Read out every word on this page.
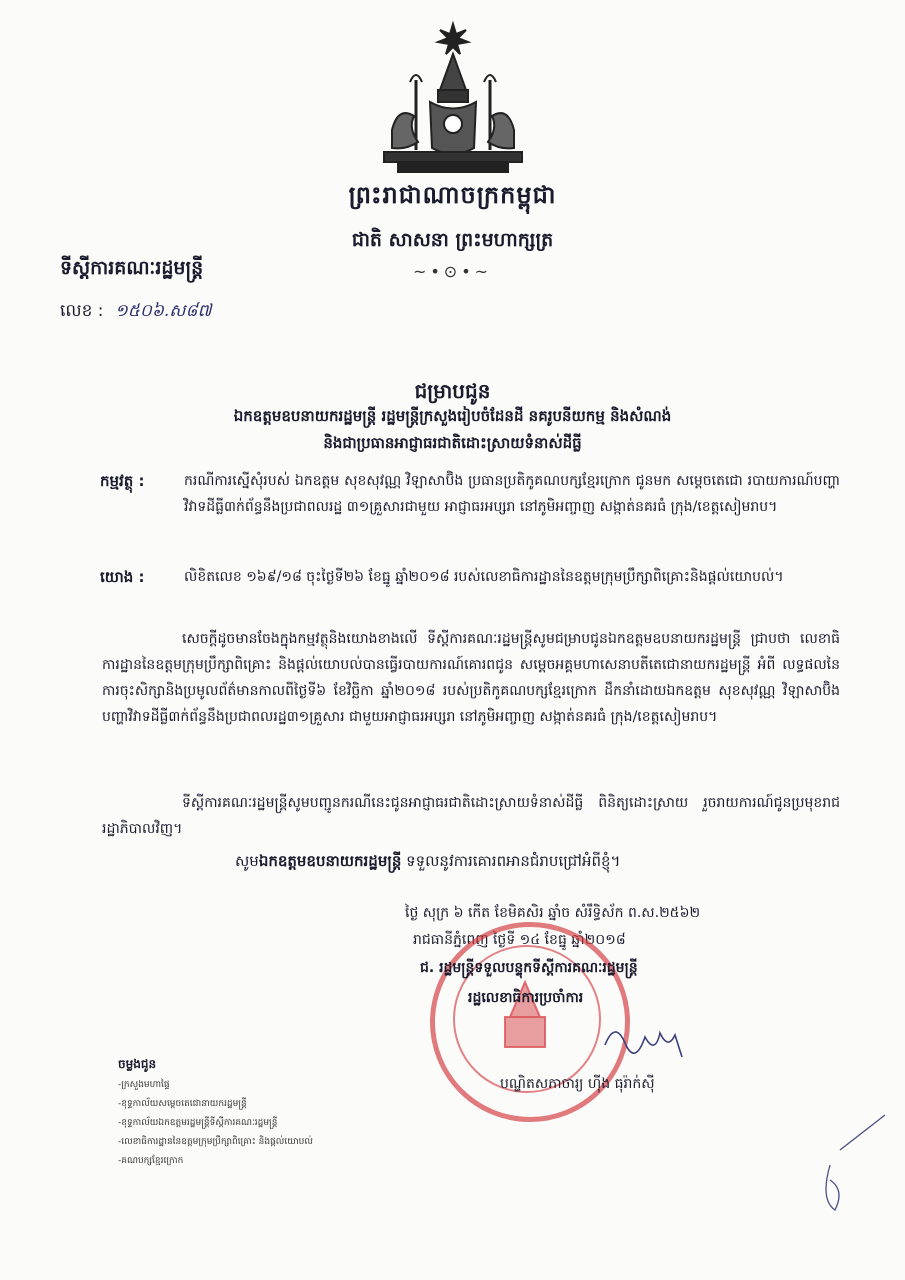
ព្រះរាជាណាចក្រកម្ពុជា
ជាតិ សាសនា ព្រះមហាក្សត្រ
~•⊙•~
ទីស្តីការគណៈរដ្ឋមន្ត្រី
លេខ : ១៥០៦.ស៨៧
ជម្រាបជូន
ឯកឧត្តមឧបនាយករដ្ឋមន្ត្រី រដ្ឋមន្ត្រីក្រសួងរៀបចំដែនដី នគរូបនីយកម្ម និងសំណង់
និងជាប្រធានអាជ្ញាធរជាតិដោះស្រាយទំនាស់ដីធ្លី
កម្មវត្ថុ :	ករណីការស្នើសុំរបស់ ឯកឧត្តម សុខសុវណ្ណ វិឡាសាប៊ិង ប្រធានប្រតិកូគណបក្សខ្មែរក្រោក ជូនមក សម្តេចតេជោ របាយការណ៍បញ្ហាវិវាទដីធ្លី៣ក់ព័ន្ធនឹងប្រជាពលរដ្ឋ ៣១គ្រួសារជាមួយ អាជ្ញាធរអប្សរា នៅភូមិអញ្ចាញ សង្កាត់នគរធំ ក្រុង/ខេត្តសៀមរាប។
យោង :	លិខិតលេខ ១៦៩/១៨ ចុះថ្ងៃទី២៦ ខែធ្នូ ឆ្នាំ២០១៨ របស់លេខាធិការដ្ឋាននៃឧត្តមក្រុមប្រឹក្សាពិគ្រោះនិងផ្តល់យោបល់។
សេចក្តីដូចមានចែងក្នុងកម្មវត្ថុនិងយោងខាងលើ ទីស្តីការគណៈរដ្ឋមន្ត្រីសូមជម្រាបជូនឯកឧត្តមឧបនាយករដ្ឋមន្ត្រី ជ្រាបថា លេខាធិការដ្ឋាននៃឧត្តមក្រុមប្រឹក្សាពិគ្រោះ និងផ្តល់យោបល់បានធ្វើរបាយការណ៍គោរពជូន សម្តេចអគ្គមហាសេនាបតីតេជោនាយករដ្ឋមន្ត្រី អំពី លទ្ធផលនៃការចុះសិក្សានិងប្រមូលព័ត៌មានកាលពីថ្ងៃទី៦ ខែវិច្ឆិកា ឆ្នាំ២០១៨ របស់ប្រតិកូគណបក្សខ្មែរក្រោក ដឹកនាំដោយឯកឧត្តម សុខសុវណ្ណ វិឡាសាប៊ិង បញ្ហាវិវាទដីធ្លី៣ក់ព័ន្ធនឹងប្រជាពលរដ្ឋ៣១គ្រួសារ ជាមួយអាជ្ញាធរអប្សរា នៅភូមិអញ្ចាញ សង្កាត់នគរធំ ក្រុង/ខេត្តសៀមរាប។
ទីស្តីការគណៈរដ្ឋមន្ត្រីសូមបញ្ជូនករណីនេះជូនអាជ្ញាធរជាតិដោះស្រាយទំនាស់ដីធ្លី ពិនិត្យដោះស្រាយ រួចរាយការណ៍ជូនប្រមុខរាជរដ្ឋាភិបាលវិញ។
សូមឯកឧត្តមឧបនាយករដ្ឋមន្ត្រី ទទួលនូវការគោរពអានជំរាបជ្រៅអំពីខ្ញុំ។
ថ្ងៃ សុក្រ ៦ កើត ខែមិគសិរ ឆ្នាំច សំរឹទ្ធិស័ក ព.ស.២៥៦២
រាជធានីភ្នំពេញ ថ្ងៃទី ១៤ ខែធ្នូ ឆ្នាំ២០១៨
ជ. រដ្ឋមន្ត្រីទទួលបន្ទុកទីស្តីការគណៈរដ្ឋមន្ត្រី
រដ្ឋលេខាធិការប្រចាំការ
បណ្ឌិតសភាចារ្យ ហ៊ីង ធុរ៉ាក់ស៊ី
ចម្លងជូន
-ក្រសួងមហាផ្ទៃ
-ខុទ្ទកាល័យសម្តេចតេជោនាយករដ្ឋមន្ត្រី
-ខុទ្ទកាល័យឯកឧត្តមរដ្ឋមន្ត្រីទីស្តីការគណៈរដ្ឋមន្ត្រី
-លេខាធិការដ្ឋាននៃឧត្តមក្រុមប្រឹក្សាពិគ្រោះ និងផ្តល់យោបល់
-គណបក្សខ្មែរក្រោក
